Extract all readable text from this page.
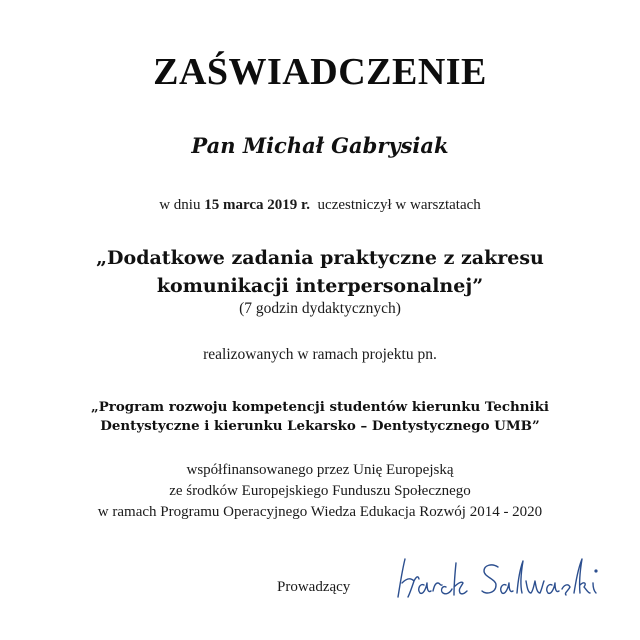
ZAŚWIADCZENIE
Pan Michał Gabrysiak
w dniu 15 marca 2019 r.  uczestniczył w warsztatach
„Dodatkowe zadania praktyczne z zakresu
komunikacji interpersonalnej”
(7 godzin dydaktycznych)
realizowanych w ramach projektu pn.
„Program rozwoju kompetencji studentów kierunku Techniki
Dentystyczne i kierunku Lekarsko – Dentystycznego UMB”
współfinansowanego przez Unię Europejską
ze środków Europejskiego Funduszu Społecznego
w ramach Programu Operacyjnego Wiedza Edukacja Rozwój 2014 - 2020
Prowadzący
